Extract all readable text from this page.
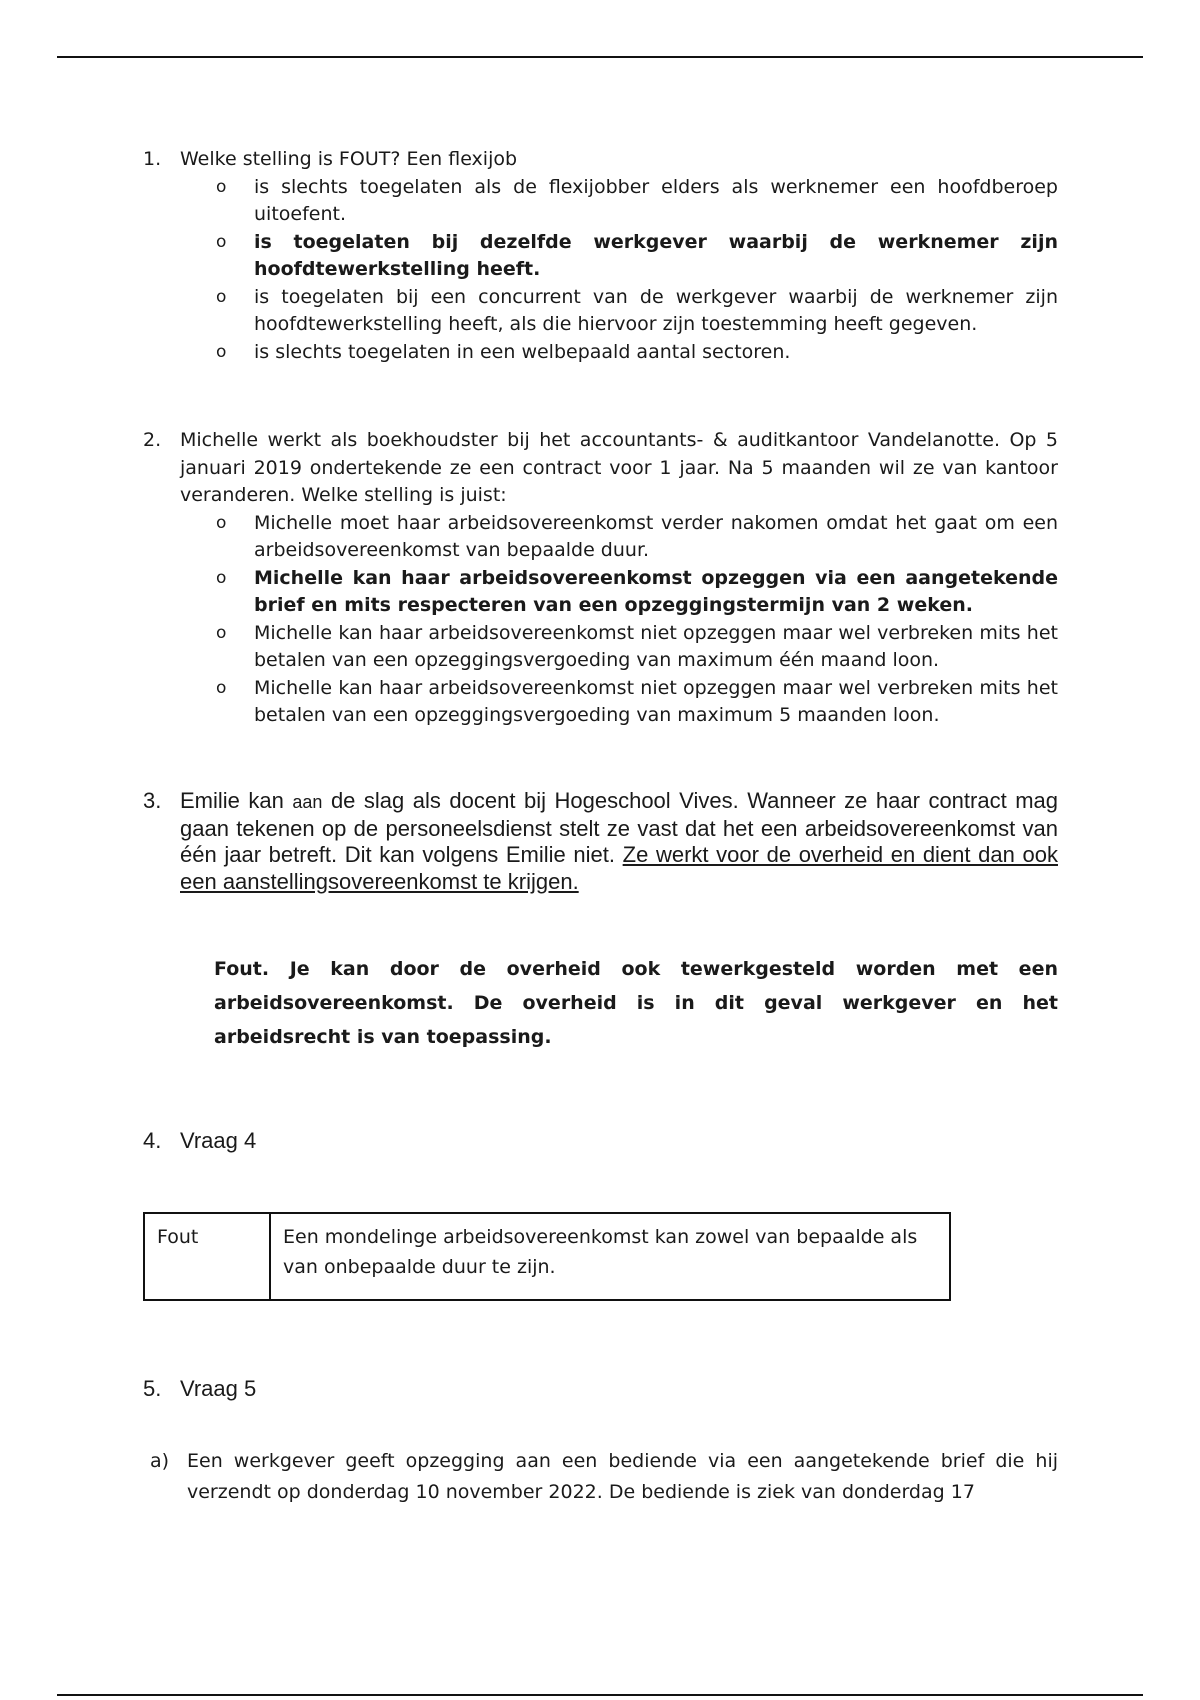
1. Welke stelling is FOUT? Een flexijob
o is slechts toegelaten als de flexijobber elders als werknemer een hoofdberoep uitoefent.
o is toegelaten bij dezelfde werkgever waarbij de werknemer zijn hoofdtewerkstelling heeft.
o is toegelaten bij een concurrent van de werkgever waarbij de werknemer zijn hoofdtewerkstelling heeft, als die hiervoor zijn toestemming heeft gegeven.
o is slechts toegelaten in een welbepaald aantal sectoren.
2. Michelle werkt als boekhoudster bij het accountants- & auditkantoor Vandelanotte. Op 5 januari 2019 ondertekende ze een contract voor 1 jaar. Na 5 maanden wil ze van kantoor veranderen. Welke stelling is juist:
o Michelle moet haar arbeidsovereenkomst verder nakomen omdat het gaat om een arbeidsovereenkomst van bepaalde duur.
o Michelle kan haar arbeidsovereenkomst opzeggen via een aangetekende brief en mits respecteren van een opzeggingstermijn van 2 weken.
o Michelle kan haar arbeidsovereenkomst niet opzeggen maar wel verbreken mits het betalen van een opzeggingsvergoeding van maximum één maand loon.
o Michelle kan haar arbeidsovereenkomst niet opzeggen maar wel verbreken mits het betalen van een opzeggingsvergoeding van maximum 5 maanden loon.
3. Emilie kan aan de slag als docent bij Hogeschool Vives. Wanneer ze haar contract mag gaan tekenen op de personeelsdienst stelt ze vast dat het een arbeidsovereenkomst van één jaar betreft. Dit kan volgens Emilie niet. Ze werkt voor de overheid en dient dan ook een aanstellingsovereenkomst te krijgen.
Fout. Je kan door de overheid ook tewerkgesteld worden met een arbeidsovereenkomst. De overheid is in dit geval werkgever en het arbeidsrecht is van toepassing.
4. Vraag 4
Fout	Een mondelinge arbeidsovereenkomst kan zowel van bepaalde als van onbepaalde duur te zijn.
5. Vraag 5
a) Een werkgever geeft opzegging aan een bediende via een aangetekende brief die hij verzendt op donderdag 10 november 2022. De bediende is ziek van donderdag 17
